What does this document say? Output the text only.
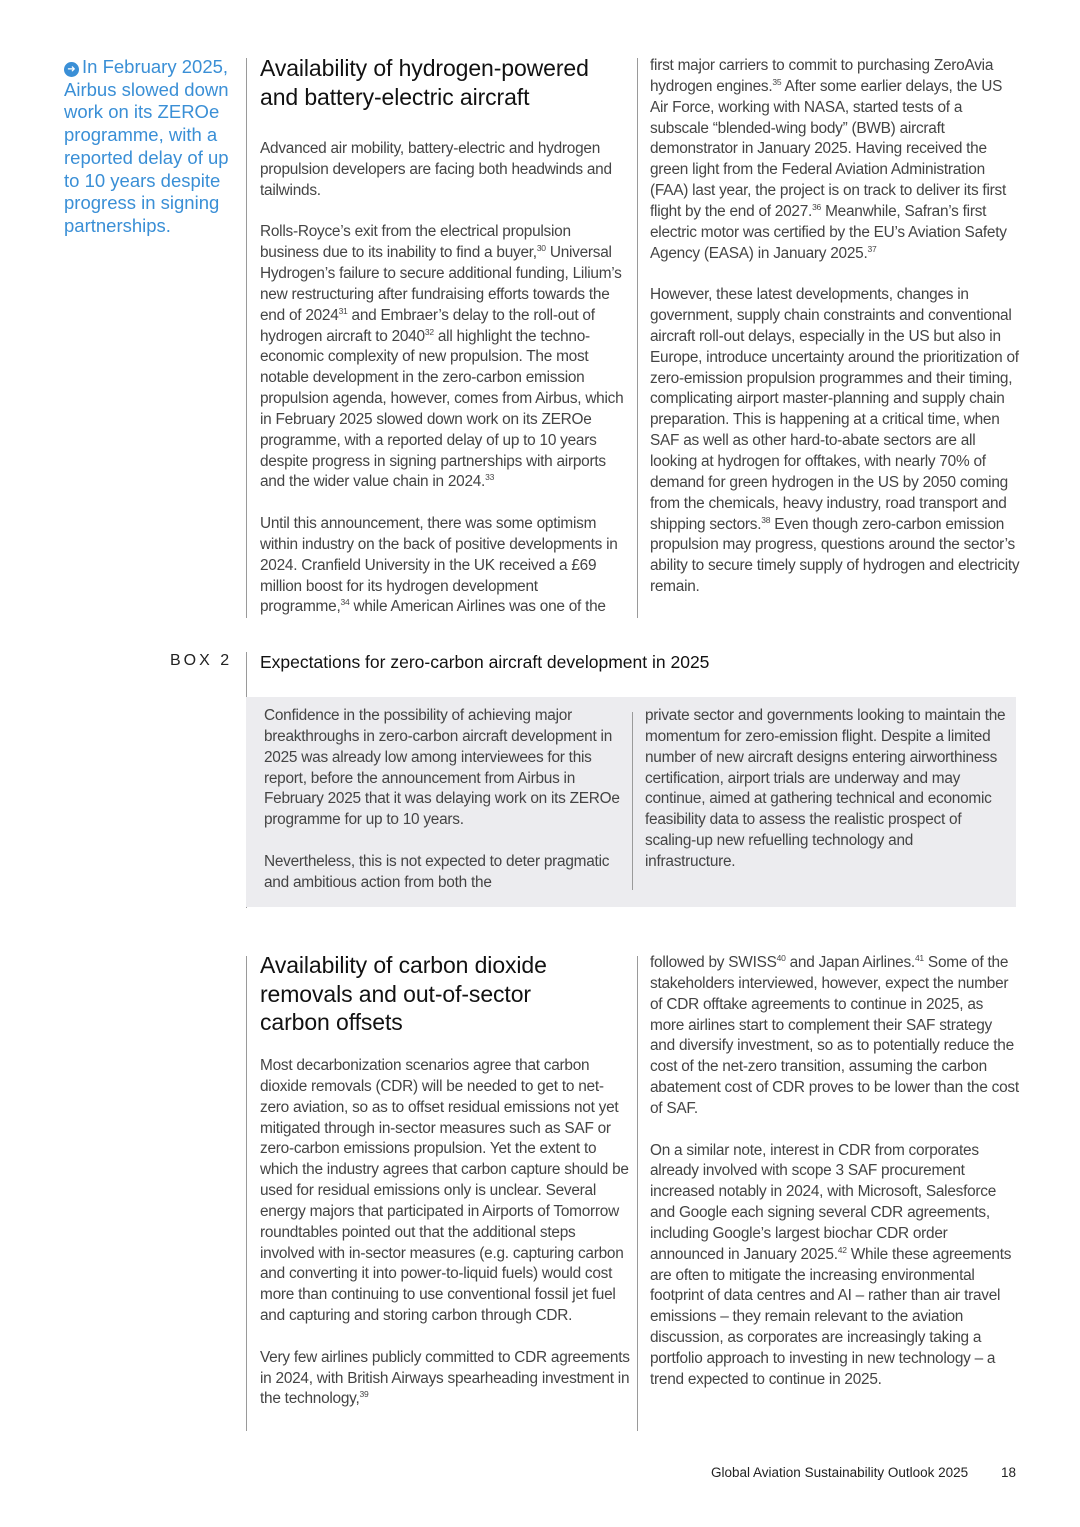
➜ In February 2025, Airbus slowed down work on its ZEROe programme, with a reported delay of up to 10 years despite progress in signing partnerships.
Availability of hydrogen-powered and battery-electric aircraft

Advanced air mobility, battery-electric and hydrogen propulsion developers are facing both headwinds and tailwinds.

Rolls-Royce’s exit from the electrical propulsion business due to its inability to find a buyer,$^{30}$ Universal Hydrogen’s failure to secure additional funding, Lilium’s new restructuring after fundraising efforts towards the end of 2024$^{31}$ and Embraer’s delay to the roll-out of hydrogen aircraft to 2040$^{32}$ all highlight the techno-economic complexity of new propulsion. The most notable development in the zero-carbon emission propulsion agenda, however, comes from Airbus, which in February 2025 slowed down work on its ZEROe programme, with a reported delay of up to 10 years despite progress in signing partnerships with airports and the wider value chain in 2024.33

Until this announcement, there was some optimism within industry on the back of positive developments in 2024. Cranfield University in the UK received a £69 million boost for its hydrogen development programme,$^{34}$ while American Airlines was one of the

first major carriers to commit to purchasing ZeroAvia hydrogen engines.$^{35}$ After some earlier delays, the US Air Force, working with NASA, started tests of a subscale “blended-wing body” (BWB) aircraft demonstrator in January 2025. Having received the green light from the Federal Aviation Administration (FAA) last year, the project is on track to deliver its first flight by the end of 2027.36 Meanwhile, Safran’s first electric motor was certified by the EU’s Aviation Safety Agency (EASA) in January 2025.37

However, these latest developments, changes in government, supply chain constraints and conventional aircraft roll-out delays, especially in the US but also in Europe, introduce uncertainty around the prioritization of zero-emission propulsion programmes and their timing, complicating airport master-planning and supply chain preparation. This is happening at a critical time, when SAF as well as other hard-to-abate sectors are all looking at hydrogen for offtakes, with nearly 70% of demand for green hydrogen in the US by 2050 coming from the chemicals, heavy industry, road transport and shipping sectors.$^{38}$ Even though zero-carbon emission propulsion may progress, questions around the sector’s ability to secure timely supply of hydrogen and electricity remain.

BOX 2 Expectations for zero-carbon aircraft development in 2025

Confidence in the possibility of achieving major breakthroughs in zero-carbon aircraft development in 2025 was already low among interviewees for this report, before the announcement from Airbus in February 2025 that it was delaying work on its ZEROe programme for up to 10 years.

Nevertheless, this is not expected to deter pragmatic and ambitious action from both the

private sector and governments looking to maintain the momentum for zero-emission flight. Despite a limited number of new aircraft designs entering airworthiness certification, airport trials are underway and may continue, aimed at gathering technical and economic feasibility data to assess the realistic prospect of scaling-up new refuelling technology and infrastructure.

Availability of carbon dioxide removals and out-of-sector carbon offsets

Most decarbonization scenarios agree that carbon dioxide removals (CDR) will be needed to get to net-zero aviation, so as to offset residual emissions not yet mitigated through in-sector measures such as SAF or zero-carbon emissions propulsion. Yet the extent to which the industry agrees that carbon capture should be used for residual emissions only is unclear. Several energy majors that participated in Airports of Tomorrow roundtables pointed out that the additional steps involved with in-sector measures (e.g. capturing carbon and converting it into power-to-liquid fuels) would cost more than continuing to use conventional fossil jet fuel and capturing and storing carbon through CDR.

Very few airlines publicly committed to CDR agreements in 2024, with British Airways spearheading investment in the technology,$^{39}$

followed by SWISS$^{40}$ and Japan Airlines.$^{41}$ Some of the stakeholders interviewed, however, expect the number of CDR offtake agreements to continue in 2025, as more airlines start to complement their SAF strategy and diversify investment, so as to potentially reduce the cost of the net-zero transition, assuming the carbon abatement cost of CDR proves to be lower than the cost of SAF.

On a similar note, interest in CDR from corporates already involved with scope 3 SAF procurement increased notably in 2024, with Microsoft, Salesforce and Google each signing several CDR agreements, including Google’s largest biochar CDR order announced in January 2025.42 While these agreements are often to mitigate the increasing environmental footprint of data centres and AI – rather than air travel emissions – they remain relevant to the aviation discussion, as corporates are increasingly taking a portfolio approach to investing in new technology – a trend expected to continue in 2025.

Global Aviation Sustainability Outlook 2025 18
